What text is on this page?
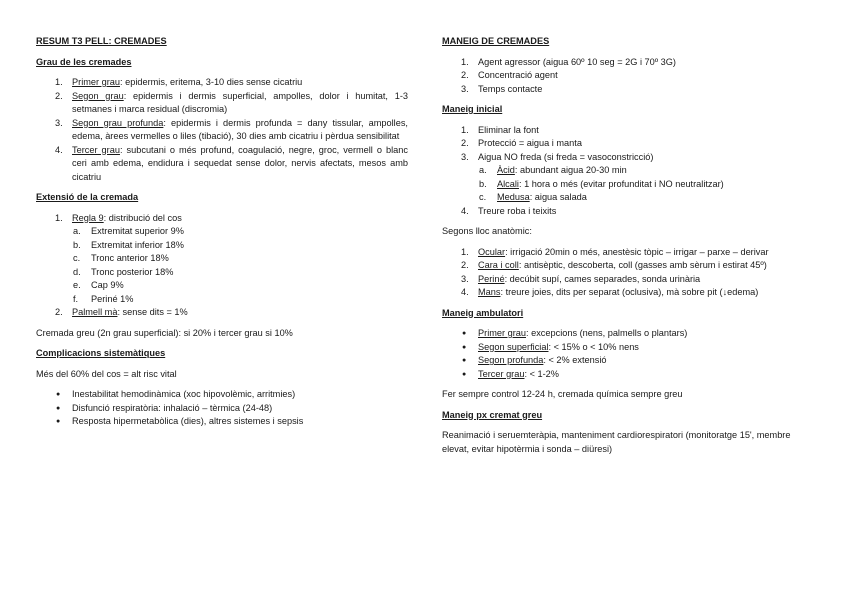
RESUM T3 PELL: CREMADES

Grau de les cremades

1. Primer grau: epidermis, eritema, 3-10 dies sense cicatriu
2. Segon grau: epidermis i dermis superficial, ampolles, dolor i humitat, 1-3 setmanes i marca residual (discromia)
3. Segon grau profunda: epidermis i dermis profunda = dany tissular, ampolles, edema, àrees vermelles o liles (tibació), 30 dies amb cicatriu i pèrdua sensibilitat
4. Tercer grau: subcutani o més profund, coagulació, negre, groc, vermell o blanc ceri amb edema, endidura i sequedat sense dolor, nervis afectats, mesos amb cicatriu

Extensió de la cremada

1. Regla 9: distribució del cos
a. Extremitat superior 9%
b. Extremitat inferior 18%
c. Tronc anterior 18%
d. Tronc posterior 18%
e. Cap 9%
f. Periné 1%
2. Palmell mà: sense dits = 1%

Cremada greu (2n grau superficial): si 20% i tercer grau si 10%

Complicacions sistemàtiques

Més del 60% del cos = alt risc vital

● Inestabilitat hemodinàmica (xoc hipovolèmic, arritmies)
● Disfunció respiratòria: inhalació – tèrmica (24-48)
● Resposta hipermetabòlica (dies), altres sistemes i sepsis

MANEIG DE CREMADES

1. Agent agressor (aigua 60º 10 seg = 2G i 70º 3G)
2. Concentració agent
3. Temps contacte

Maneig inicial

1. Eliminar la font
2. Protecció = aigua i manta
3. Aigua NO freda (si freda = vasoconstricció)
a. Àcid: abundant aigua 20-30 min
b. Alcali: 1 hora o més (evitar profunditat i NO neutralitzar)
c. Medusa: aigua salada
4. Treure roba i teixits

Segons lloc anatòmic:

1. Ocular: irrigació 20min o més, anestèsic tòpic – irrigar – parxe – derivar
2. Cara i coll: antisèptic, descoberta, coll (gasses amb sèrum i estirat 45º)
3. Periné: decúbit supí, cames separades, sonda urinària
4. Mans: treure joies, dits per separat (oclusiva), mà sobre pit (↓edema)

Maneig ambulatori

● Primer grau: excepcions (nens, palmells o plantars)
● Segon superficial: < 15% o < 10% nens
● Segon profunda: < 2% extensió
● Tercer grau: < 1-2%

Fer sempre control 12-24 h, cremada química sempre greu

Maneig px cremat greu

Reanimació i seruemteràpia, manteniment cardiorespiratori (monitoratge 15', membre elevat, evitar hipotèrmia i sonda – diüresi)
